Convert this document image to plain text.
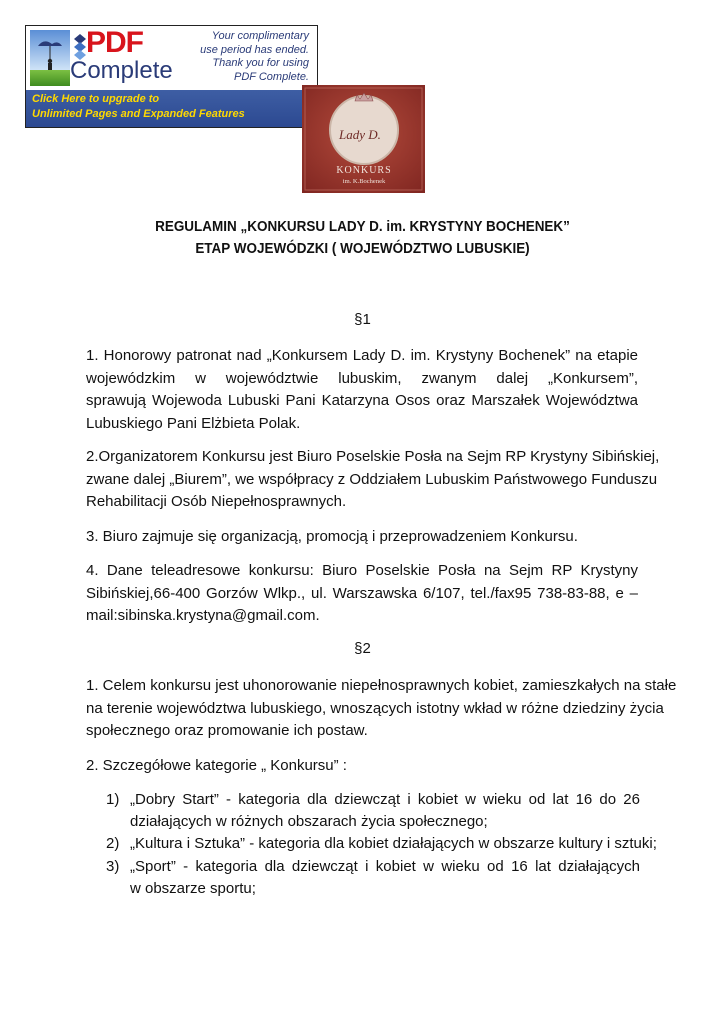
PDF
Complete
Your complimentary
use period has ended.
Thank you for using
PDF Complete.
Click Here to upgrade to
Unlimited Pages and Expanded Features
Lady D.
KONKURS
im. K.Bochenek
REGULAMIN „KONKURSU LADY D. im. KRYSTYNY BOCHENEK”
ETAP WOJEWÓDZKI ( WOJEWÓDZTWO LUBUSKIE)
§1
1. Honorowy patronat nad „Konkursem Lady D. im. Krystyny Bochenek” na etapie
wojewódzkim w województwie lubuskim, zwanym dalej „Konkursem”,
sprawują Wojewoda Lubuski Pani Katarzyna Osos oraz Marszałek Województwa
Lubuskiego Pani Elżbieta Polak.
2.Organizatorem Konkursu jest Biuro Poselskie Posła na Sejm RP Krystyny Sibińskiej,
zwane dalej „Biurem”, we współpracy z Oddziałem Lubuskim Państwowego Funduszu
Rehabilitacji Osób Niepełnosprawnych.
3. Biuro zajmuje się organizacją, promocją i przeprowadzeniem Konkursu.
4. Dane teleadresowe konkursu: Biuro Poselskie Posła na Sejm RP Krystyny
Sibińskiej,66-400 Gorzów Wlkp., ul. Warszawska 6/107, tel./fax95 738-83-88, e –
mail:sibinska.krystyna@gmail.com.
§2
1. Celem konkursu jest uhonorowanie niepełnosprawnych kobiet, zamieszkałych na stałe
na terenie województwa lubuskiego, wnoszących istotny wkład w różne dziedziny życia
społecznego oraz promowanie ich postaw.
2. Szczegółowe kategorie „ Konkursu” :
1) „Dobry Start” - kategoria dla dziewcząt i kobiet w wieku od lat 16 do 26
działających w różnych obszarach życia społecznego;
2) „Kultura i Sztuka” - kategoria dla kobiet działających w obszarze kultury i sztuki;
3) „Sport” - kategoria dla dziewcząt i kobiet w wieku od 16 lat działających
w obszarze sportu;
